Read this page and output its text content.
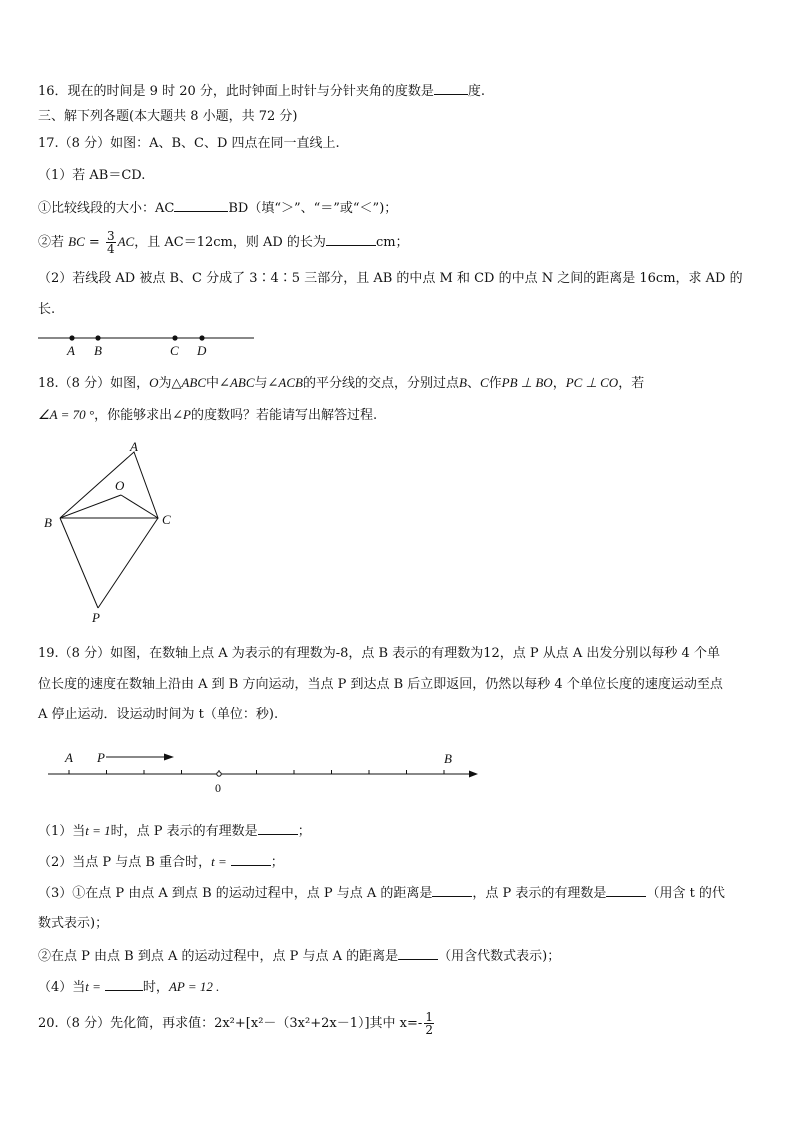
16．现在的时间是 9 时 20 分，此时钟面上时针与分针夹角的度数是	度.
三、解下列各题(本大题共 8 小题，共 72 分)
17.（8 分）如图：A、B、C、D 四点在同一直线上.
（1）若 AB＝CD.
①比较线段的大小：AC	BD（填“＞”、“＝”或“＜”)；
②若 BC = $\frac{3}{4}$ AC，且 AC＝12cm，则 AD 的长为	cm；
（2）若线段 AD 被点 B、C 分成了 3∶4∶5 三部分，且 AB 的中点 M 和 CD 的中点 N 之间的距离是 16cm，求 AD 的
长.
A B	C D
18.（8 分）如图，O为△ABC中∠ABC与∠ACB的平分线的交点，分别过点B、C作PB ⊥ BO，PC ⊥ CO，若
∠A = 70 °，你能够求出∠P的度数吗？若能请写出解答过程.
A
O
B	C
P
19.（8 分）如图，在数轴上点 A 为表示的有理数为-8，点 B 表示的有理数为12，点 P 从点 A 出发分别以每秒 4 个单
位长度的速度在数轴上沿由 A 到 B 方向运动，当点 P 到达点 B 后立即返回，仍然以每秒 4 个单位长度的速度运动至点
A 停止运动．设运动时间为 t（单位：秒).
A P	B
0
（1）当t = 1时，点 P 表示的有理数是	；
（2）当点 P 与点 B 重合时，t =	；
（3）①在点 P 由点 A 到点 B 的运动过程中，点 P 与点 A 的距离是	，点 P 表示的有理数是	（用含 t 的代
数式表示)；
②在点 P 由点 B 到点 A 的运动过程中，点 P 与点 A 的距离是	（用含代数式表示)；
（4）当t =	时，AP = 12 .
20.（8 分）先化简，再求值：2x²+[x²－（3x²+2x－1）]其中 $x=- \frac{1}{2}$
